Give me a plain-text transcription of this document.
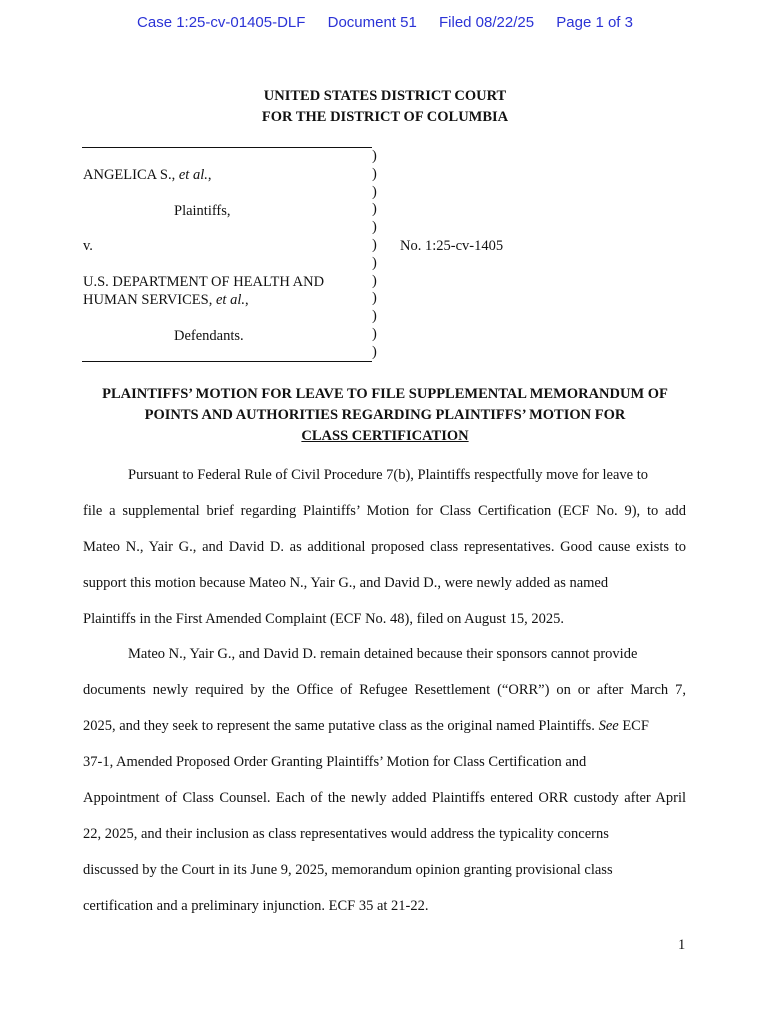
Case 1:25-cv-01405-DLF Document 51 Filed 08/22/25 Page 1 of 3
UNITED STATES DISTRICT COURT
FOR THE DISTRICT OF COLUMBIA
)
)
)
)
)
)
)
)
)
)
)
)
ANGELICA S., et al.,
Plaintiffs,
v.	No. 1:25-cv-1405
U.S. DEPARTMENT OF HEALTH AND
HUMAN SERVICES, et al.,
Defendants.
PLAINTIFFS’ MOTION FOR LEAVE TO FILE SUPPLEMENTAL MEMORANDUM OF
POINTS AND AUTHORITIES REGARDING PLAINTIFFS’ MOTION FOR
CLASS CERTIFICATION
Pursuant to Federal Rule of Civil Procedure 7(b), Plaintiffs respectfully move for leave to
file a supplemental brief regarding Plaintiffs’ Motion for Class Certification (ECF No. 9), to add
Mateo N., Yair G., and David D. as additional proposed class representatives. Good cause exists to
support this motion because Mateo N., Yair G., and David D., were newly added as named
Plaintiffs in the First Amended Complaint (ECF No. 48), filed on August 15, 2025.
Mateo N., Yair G., and David D. remain detained because their sponsors cannot provide
documents newly required by the Office of Refugee Resettlement (“ORR”) on or after March 7,
2025, and they seek to represent the same putative class as the original named Plaintiffs. See ECF
37-1, Amended Proposed Order Granting Plaintiffs’ Motion for Class Certification and
Appointment of Class Counsel. Each of the newly added Plaintiffs entered ORR custody after April
22, 2025, and their inclusion as class representatives would address the typicality concerns
discussed by the Court in its June 9, 2025, memorandum opinion granting provisional class
certification and a preliminary injunction. ECF 35 at 21-22.
1
